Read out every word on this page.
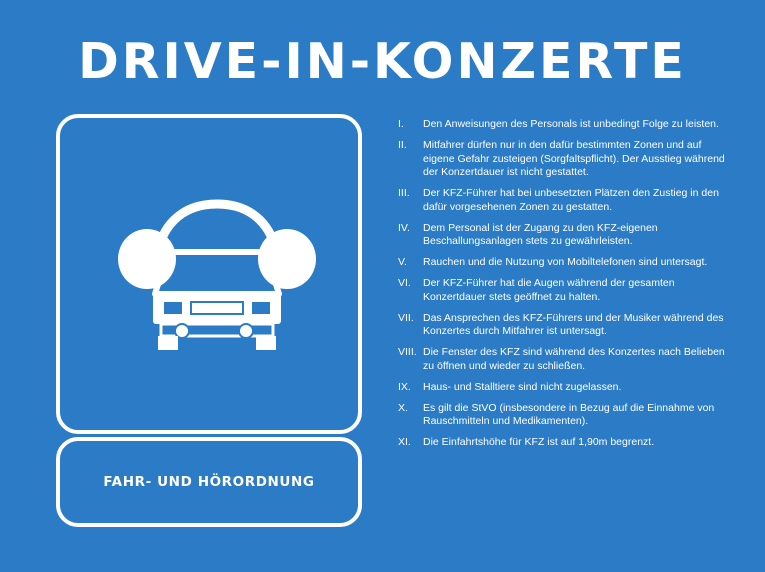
DRIVE-IN-KONZERTE
FAHR- UND HÖRORDNUNG
I.	Den Anweisungen des Personals ist unbedingt Folge zu leisten.
II.	Mitfahrer dürfen nur in den dafür bestimmten Zonen und auf eigene Gefahr zusteigen (Sorgfaltspflicht). Der Ausstieg während der Konzertdauer ist nicht gestattet.
III.	Der KFZ-Führer hat bei unbesetzten Plätzen den Zustieg in den dafür vorgesehenen Zonen zu gestatten.
IV.	Dem Personal ist der Zugang zu den KFZ-eigenen Beschallungsanlagen stets zu gewährleisten.
V.	Rauchen und die Nutzung von Mobiltelefonen sind untersagt.
VI.	Der KFZ-Führer hat die Augen während der gesamten Konzertdauer stets geöffnet zu halten.
VII. Das Ansprechen des KFZ-Führers und der Musiker während des Konzertes durch Mitfahrer ist untersagt.
VIII. Die Fenster des KFZ sind während des Konzertes nach Belieben zu öffnen und wieder zu schließen.
IX.	Haus- und Stalltiere sind nicht zugelassen.
X.	Es gilt die StVO (insbesondere in Bezug auf die Einnahme von Rauschmitteln und Medikamenten).
XI.	Die Einfahrtshöhe für KFZ ist auf 1,90m begrenzt.
